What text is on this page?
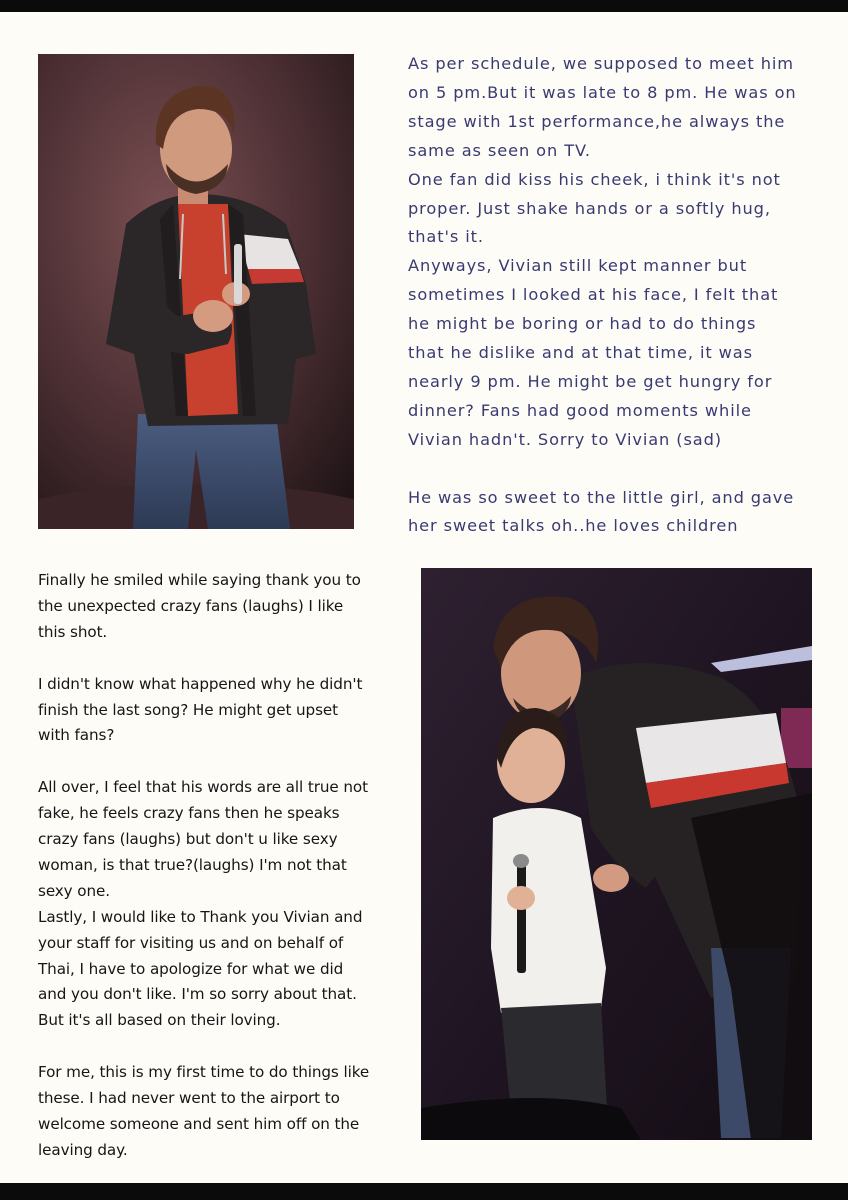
As per schedule, we supposed to meet him
on 5 pm.But it was late to 8 pm. He was on
stage with 1st performance,he always the
same as seen on TV.
One fan did kiss his cheek, i think it's not
proper. Just shake hands or a softly hug,
that's it.
Anyways, Vivian still kept manner but
sometimes I looked at his face, I felt that
he might be boring or had to do things
that he dislike and at that time, it was
nearly 9 pm. He might be get hungry for
dinner? Fans had good moments while
Vivian hadn't. Sorry to Vivian (sad)
He was so sweet to the little girl, and gave
her sweet talks oh..he loves children
Finally he smiled while saying thank you to
the unexpected crazy fans (laughs) I like
this shot.
I didn't know what happened why he didn't
finish the last song? He might get upset
with fans?
All over, I feel that his words are all true not
fake, he feels crazy fans then he speaks
crazy fans (laughs) but don't u like sexy
woman, is that true?(laughs) I'm not that
sexy one.
Lastly, I would like to Thank you Vivian and
your staff for visiting us and on behalf of
Thai, I have to apologize for what we did
and you don't like. I'm so sorry about that.
But it's all based on their loving.
For me, this is my first time to do things like
these. I had never went to the airport to
welcome someone and sent him off on the
leaving day.
